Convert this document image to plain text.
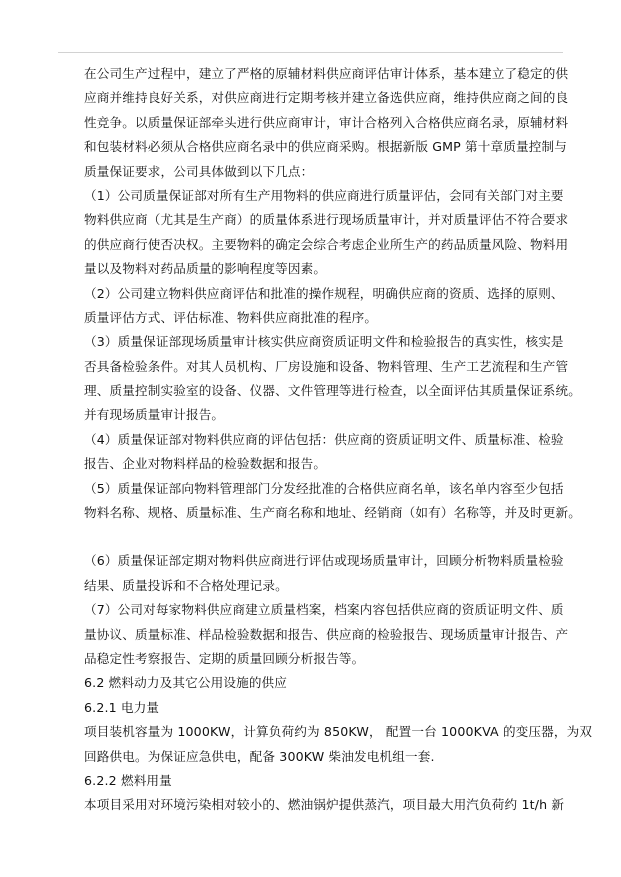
在公司生产过程中，建立了严格的原辅材料供应商评估审计体系，基本建立了稳定的供
应商并维持良好关系，对供应商进行定期考核并建立备选供应商，维持供应商之间的良
性竞争。以质量保证部牵头进行供应商审计，审计合格列入合格供应商名录，原辅材料
和包装材料必须从合格供应商名录中的供应商采购。根据新版 GMP 第十章质量控制与
质量保证要求，公司具体做到以下几点：
（1）公司质量保证部对所有生产用物料的供应商进行质量评估，会同有关部门对主要
物料供应商（尤其是生产商）的质量体系进行现场质量审计，并对质量评估不符合要求
的供应商行使否决权。主要物料的确定会综合考虑企业所生产的药品质量风险、物料用
量以及物料对药品质量的影响程度等因素。
（2）公司建立物料供应商评估和批准的操作规程，明确供应商的资质、选择的原则、
质量评估方式、评估标准、物料供应商批准的程序。
（3）质量保证部现场质量审计核实供应商资质证明文件和检验报告的真实性，核实是
否具备检验条件。对其人员机构、厂房设施和设备、物料管理、生产工艺流程和生产管
理、质量控制实验室的设备、仪器、文件管理等进行检查，以全面评估其质量保证系统。
并有现场质量审计报告。
（4）质量保证部对物料供应商的评估包括：供应商的资质证明文件、质量标准、检验
报告、企业对物料样品的检验数据和报告。
（5）质量保证部向物料管理部门分发经批准的合格供应商名单，该名单内容至少包括
物料名称、规格、质量标准、生产商名称和地址、经销商（如有）名称等，并及时更新。
（6）质量保证部定期对物料供应商进行评估或现场质量审计，回顾分析物料质量检验
结果、质量投诉和不合格处理记录。
（7）公司对每家物料供应商建立质量档案，档案内容包括供应商的资质证明文件、质
量协议、质量标准、样品检验数据和报告、供应商的检验报告、现场质量审计报告、产
品稳定性考察报告、定期的质量回顾分析报告等。
6.2 燃料动力及其它公用设施的供应
6.2.1 电力量
项目装机容量为 1000KW，计算负荷约为 850KW， 配置一台 1000KVA 的变压器，为双
回路供电。为保证应急供电，配备 300KW 柴油发电机组一套.
6.2.2 燃料用量
本项目采用对环境污染相对较小的、燃油锅炉提供蒸汽，项目最大用汽负荷约 1t/h 新
